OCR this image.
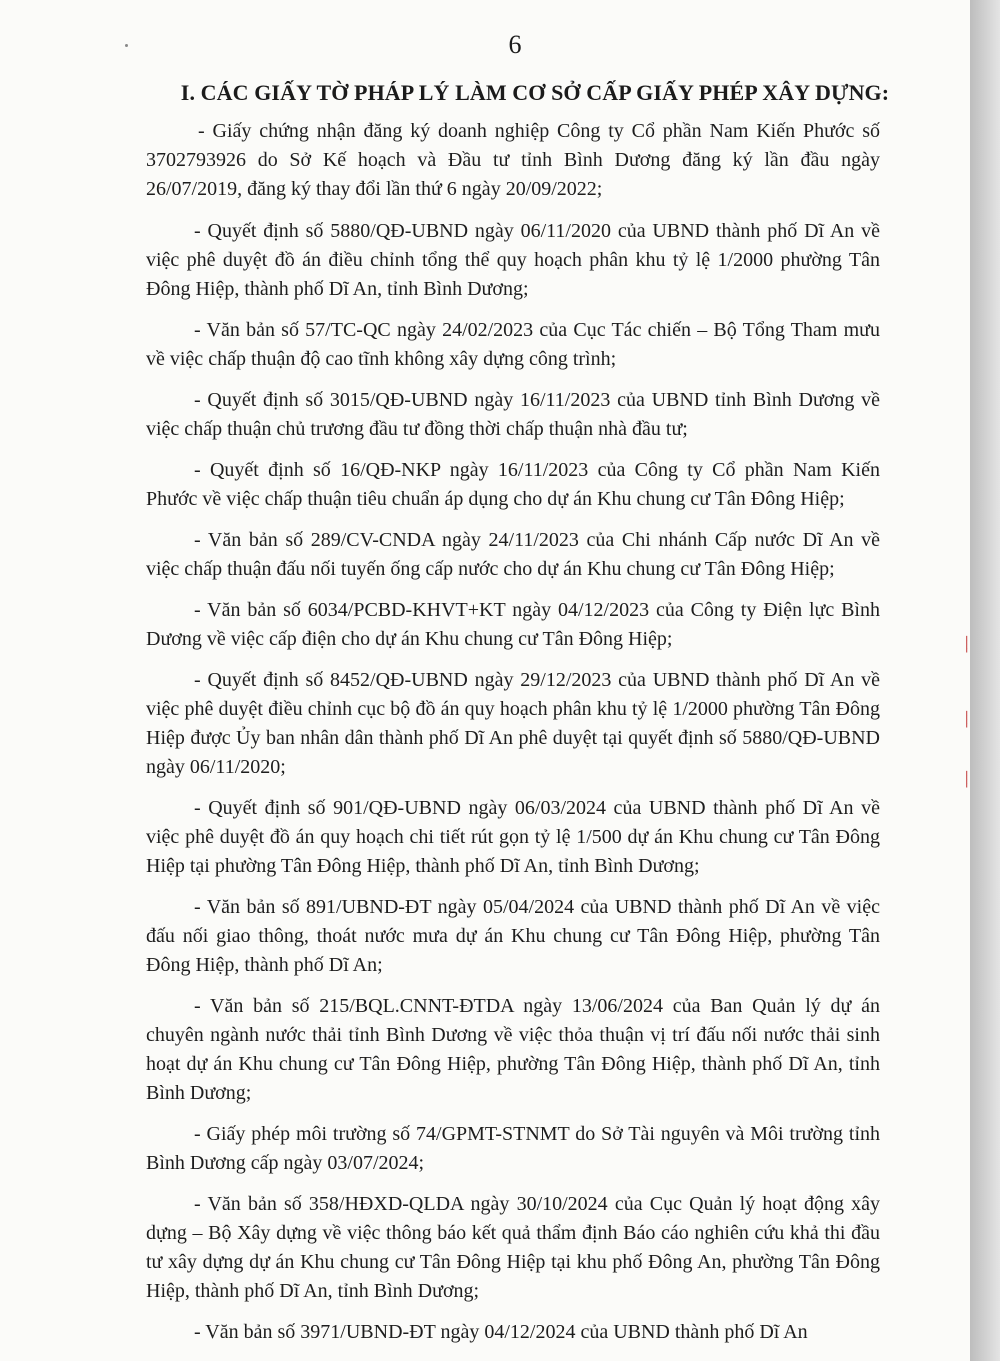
6
I. CÁC GIẤY TỜ PHÁP LÝ LÀM CƠ SỞ CẤP GIẤY PHÉP XÂY DỰNG:

- Giấy chứng nhận đăng ký doanh nghiệp Công ty Cổ phần Nam Kiến Phước số 3702793926 do Sở Kế hoạch và Đầu tư tỉnh Bình Dương đăng ký lần đầu ngày 26/07/2019, đăng ký thay đổi lần thứ 6 ngày 20/09/2022;

- Quyết định số 5880/QĐ-UBND ngày 06/11/2020 của UBND thành phố Dĩ An về việc phê duyệt đồ án điều chỉnh tổng thể quy hoạch phân khu tỷ lệ 1/2000 phường Tân Đông Hiệp, thành phố Dĩ An, tỉnh Bình Dương;

- Văn bản số 57/TC-QC ngày 24/02/2023 của Cục Tác chiến – Bộ Tổng Tham mưu về việc chấp thuận độ cao tĩnh không xây dựng công trình;

- Quyết định số 3015/QĐ-UBND ngày 16/11/2023 của UBND tỉnh Bình Dương về việc chấp thuận chủ trương đầu tư đồng thời chấp thuận nhà đầu tư;

- Quyết định số 16/QĐ-NKP ngày 16/11/2023 của Công ty Cổ phần Nam Kiến Phước về việc chấp thuận tiêu chuẩn áp dụng cho dự án Khu chung cư Tân Đông Hiệp;

- Văn bản số 289/CV-CNDA ngày 24/11/2023 của Chi nhánh Cấp nước Dĩ An về việc chấp thuận đấu nối tuyến ống cấp nước cho dự án Khu chung cư Tân Đông Hiệp;

- Văn bản số 6034/PCBD-KHVT+KT ngày 04/12/2023 của Công ty Điện lực Bình Dương về việc cấp điện cho dự án Khu chung cư Tân Đông Hiệp;

- Quyết định số 8452/QĐ-UBND ngày 29/12/2023 của UBND thành phố Dĩ An về việc phê duyệt điều chỉnh cục bộ đồ án quy hoạch phân khu tỷ lệ 1/2000 phường Tân Đông Hiệp được Ủy ban nhân dân thành phố Dĩ An phê duyệt tại quyết định số 5880/QĐ-UBND ngày 06/11/2020;

- Quyết định số 901/QĐ-UBND ngày 06/03/2024 của UBND thành phố Dĩ An về việc phê duyệt đồ án quy hoạch chi tiết rút gọn tỷ lệ 1/500 dự án Khu chung cư Tân Đông Hiệp tại phường Tân Đông Hiệp, thành phố Dĩ An, tỉnh Bình Dương;

- Văn bản số 891/UBND-ĐT ngày 05/04/2024 của UBND thành phố Dĩ An về việc đấu nối giao thông, thoát nước mưa dự án Khu chung cư Tân Đông Hiệp, phường Tân Đông Hiệp, thành phố Dĩ An;

- Văn bản số 215/BQL.CNNT-ĐTDA ngày 13/06/2024 của Ban Quản lý dự án chuyên ngành nước thải tỉnh Bình Dương về việc thỏa thuận vị trí đấu nối nước thải sinh hoạt dự án Khu chung cư Tân Đông Hiệp, phường Tân Đông Hiệp, thành phố Dĩ An, tỉnh Bình Dương;

- Giấy phép môi trường số 74/GPMT-STNMT do Sở Tài nguyên và Môi trường tỉnh Bình Dương cấp ngày 03/07/2024;

- Văn bản số 358/HĐXD-QLDA ngày 30/10/2024 của Cục Quản lý hoạt động xây dựng – Bộ Xây dựng về việc thông báo kết quả thẩm định Báo cáo nghiên cứu khả thi đầu tư xây dựng dự án Khu chung cư Tân Đông Hiệp tại khu phố Đông An, phường Tân Đông Hiệp, thành phố Dĩ An, tỉnh Bình Dương;

- Văn bản số 3971/UBND-ĐT ngày 04/12/2024 của UBND thành phố Dĩ An

ــــ
ــــ
ــــ
